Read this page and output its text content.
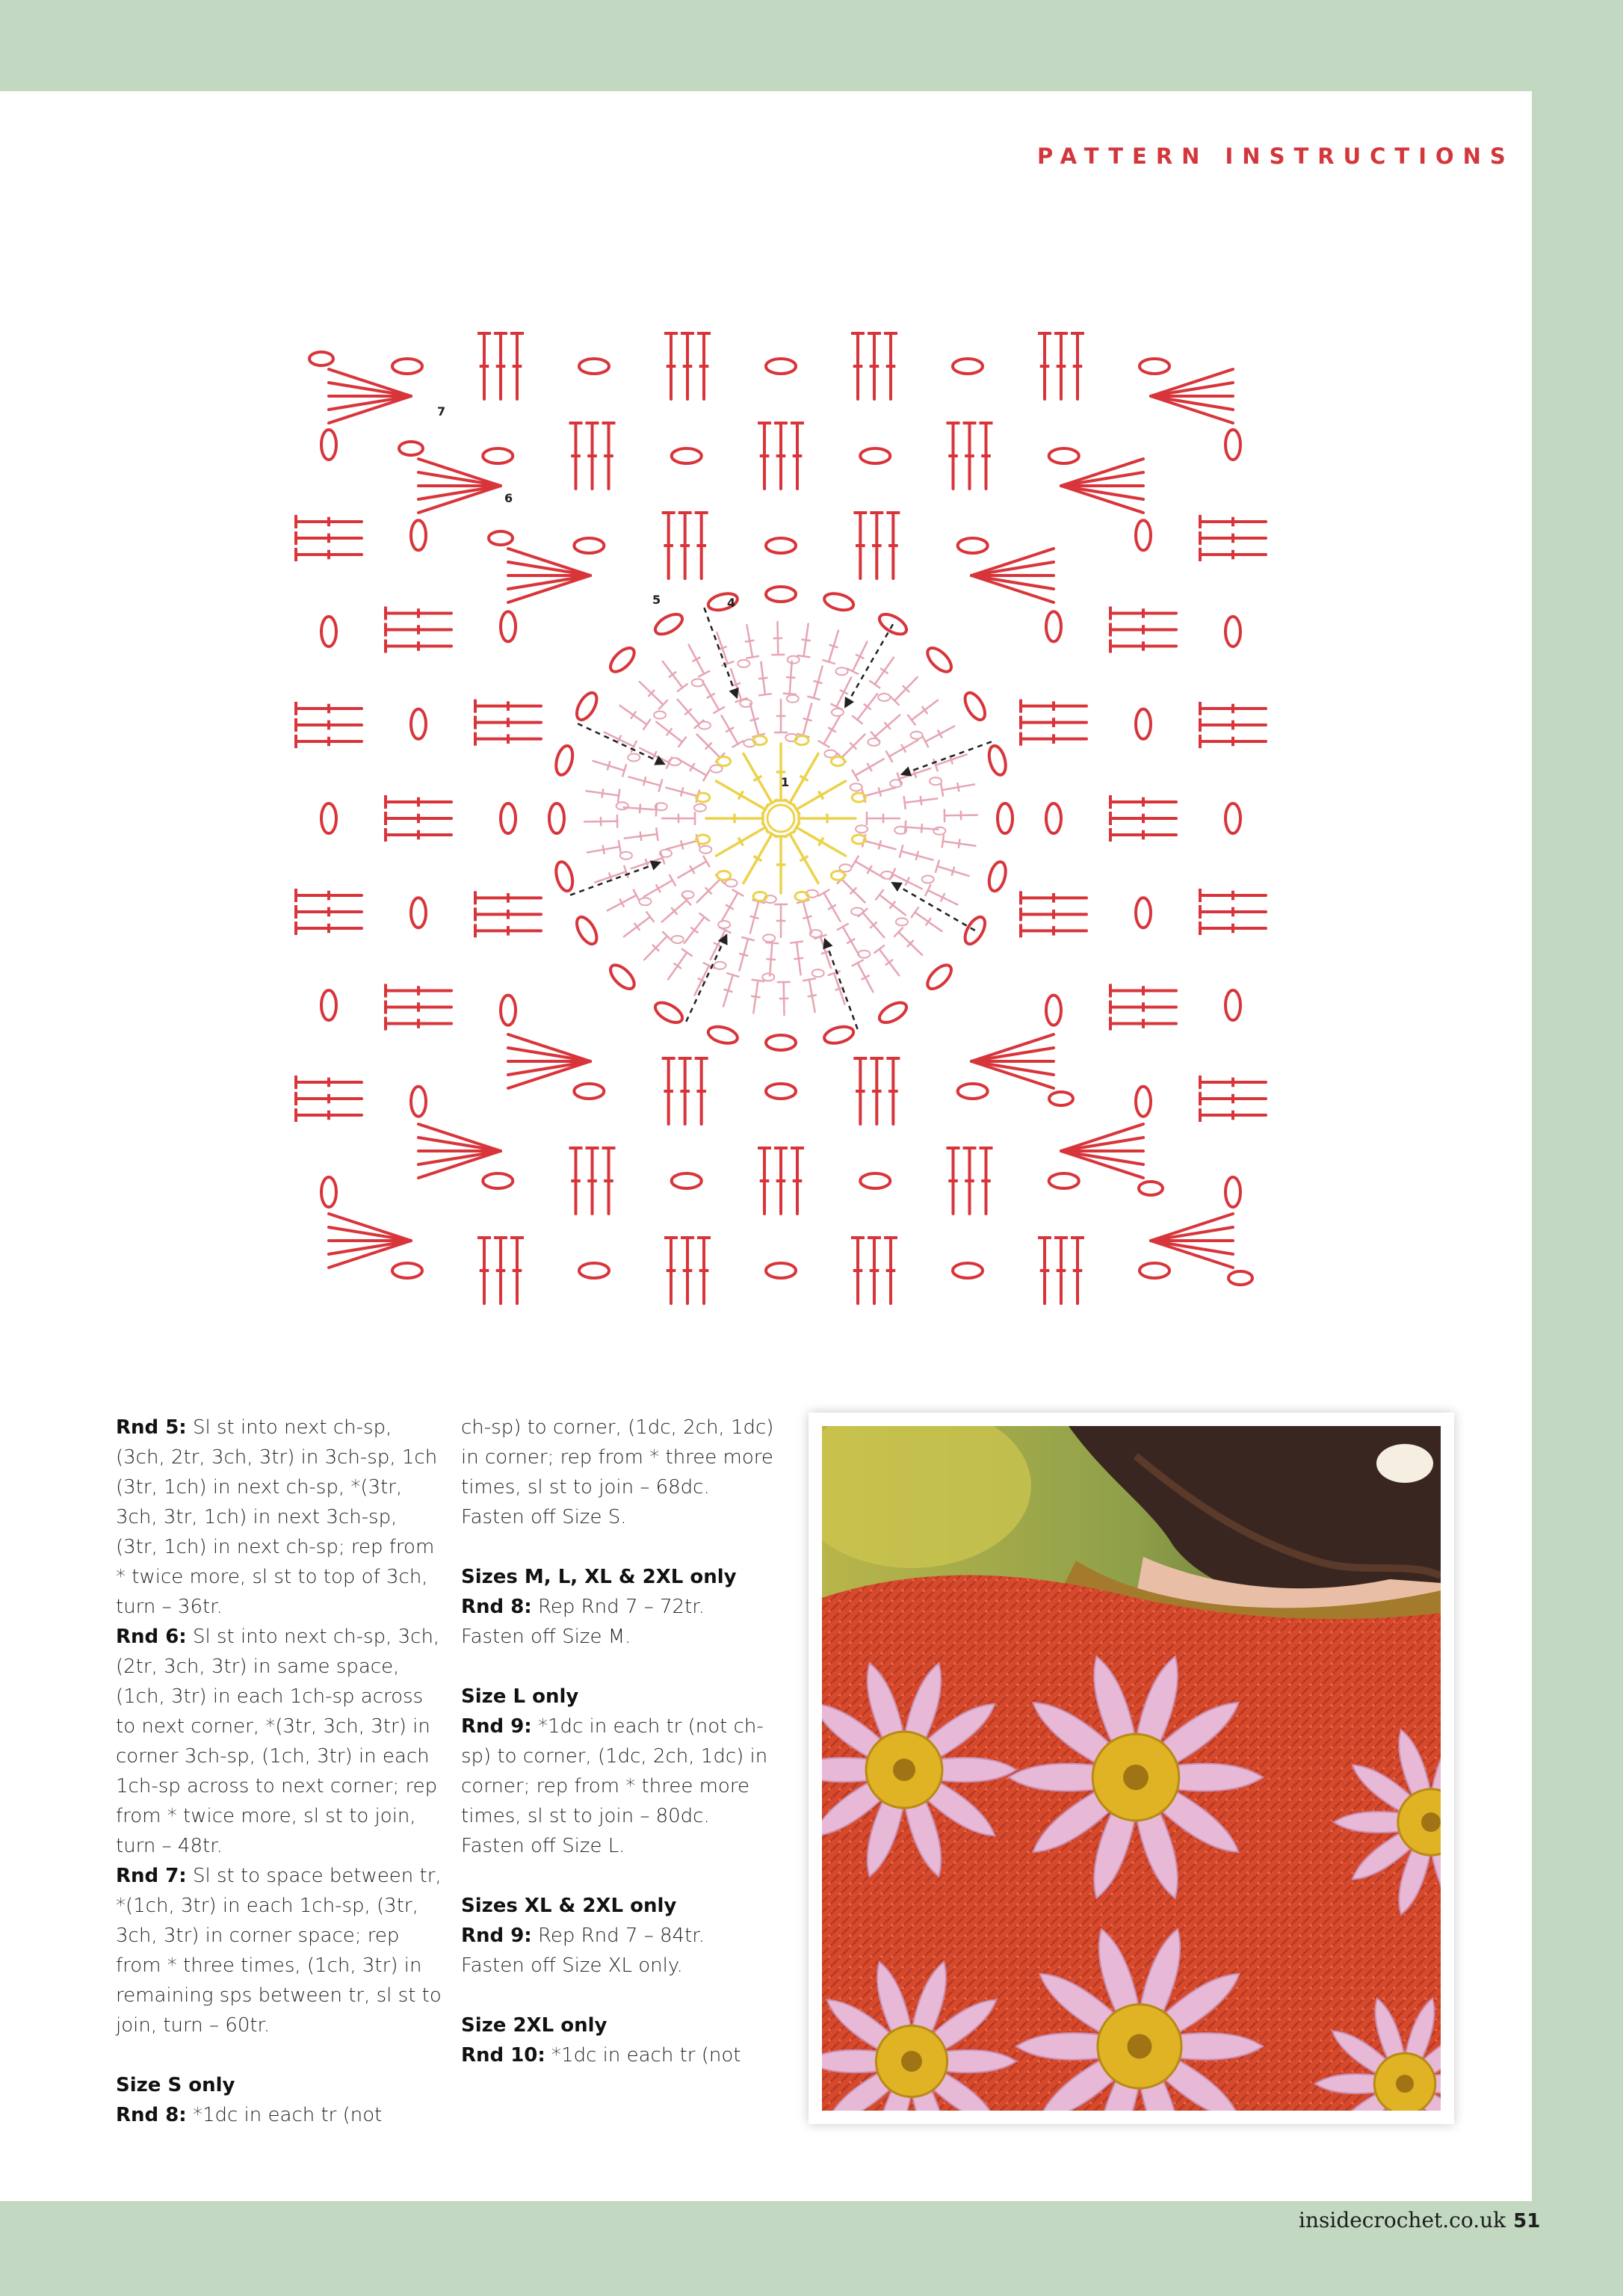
PATTERN INSTRUCTIONS
1
4
5
6
7
Rnd 5: Sl st into next ch-sp, (3ch, 2tr, 3ch, 3tr) in 3ch-sp, 1ch (3tr, 1ch) in next ch-sp, *(3tr, 3ch, 3tr, 1ch) in next 3ch-sp, (3tr, 1ch) in next ch-sp; rep from * twice more, sl st to top of 3ch, turn – 36tr.
Rnd 6: Sl st into next ch-sp, 3ch, (2tr, 3ch, 3tr) in same space, (1ch, 3tr) in each 1ch-sp across to next corner, *(3tr, 3ch, 3tr) in corner 3ch-sp, (1ch, 3tr) in each 1ch-sp across to next corner; rep from * twice more, sl st to join, turn – 48tr.
Rnd 7: Sl st to space between tr, *(1ch, 3tr) in each 1ch-sp, (3tr, 3ch, 3tr) in corner space; rep from * three times, (1ch, 3tr) in remaining sps between tr, sl st to join, turn – 60tr.
Size S only
Rnd 8: *1dc in each tr (not
ch-sp) to corner, (1dc, 2ch, 1dc) in corner; rep from * three more times, sl st to join – 68dc.
Fasten off Size S.
Sizes M, L, XL & 2XL only
Rnd 8: Rep Rnd 7 – 72tr.
Fasten off Size M.
Size L only
Rnd 9: *1dc in each tr (not ch-sp) to corner, (1dc, 2ch, 1dc) in corner; rep from * three more times, sl st to join – 80dc.
Fasten off Size L.
Sizes XL & 2XL only
Rnd 9: Rep Rnd 7 – 84tr.
Fasten off Size XL only.
Size 2XL only
Rnd 10: *1dc in each tr (not
insidecrochet.co.uk 51
